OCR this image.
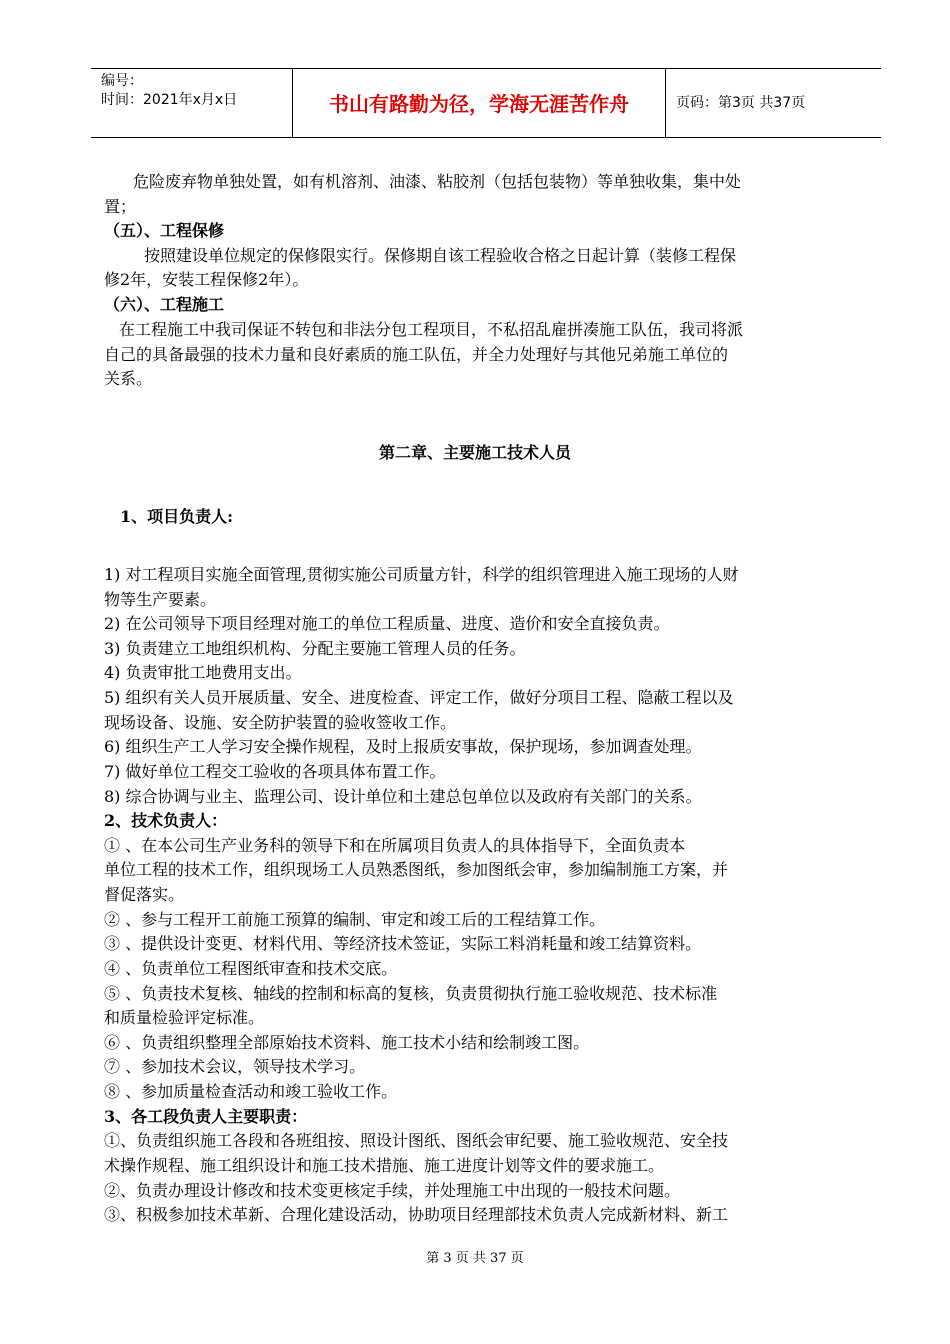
编号：
时间：2021年x月x日	书山有路勤为径，学海无涯苦作舟	页码：第3页 共37页
危险废弃物单独处置，如有机溶剂、油漆、粘胶剂（包括包装物）等单独收集，集中处
置；
（五）、工程保修
按照建设单位规定的保修限实行。保修期自该工程验收合格之日起计算（装修工程保
修2年，安装工程保修2年）。
（六）、工程施工
在工程施工中我司保证不转包和非法分包工程项目，不私招乱雇拼凑施工队伍，我司将派
自己的具备最强的技术力量和良好素质的施工队伍，并全力处理好与其他兄弟施工单位的
关系。
第二章、主要施工技术人员
1、项目负责人:
1) 对工程项目实施全面管理,贯彻实施公司质量方针，科学的组织管理进入施工现场的人财
物等生产要素。
2) 在公司领导下项目经理对施工的单位工程质量、进度、造价和安全直接负责。
3) 负责建立工地组织机构、分配主要施工管理人员的任务。
4) 负责审批工地费用支出。
5) 组织有关人员开展质量、安全、进度检查、评定工作，做好分项目工程、隐蔽工程以及
现场设备、设施、安全防护装置的验收签收工作。
6) 组织生产工人学习安全操作规程，及时上报质安事故，保护现场，参加调查处理。
7) 做好单位工程交工验收的各项具体布置工作。
8) 综合协调与业主、监理公司、设计单位和土建总包单位以及政府有关部门的关系。
2、技术负责人：
① 、在本公司生产业务科的领导下和在所属项目负责人的具体指导下，全面负责本
单位工程的技术工作，组织现场工人员熟悉图纸，参加图纸会审，参加编制施工方案，并
督促落实。
② 、参与工程开工前施工预算的编制、审定和竣工后的工程结算工作。
③ 、提供设计变更、材料代用、等经济技术签证，实际工料消耗量和竣工结算资料。
④ 、负责单位工程图纸审查和技术交底。
⑤ 、负责技术复核、轴线的控制和标高的复核，负责贯彻执行施工验收规范、技术标准
和质量检验评定标准。
⑥ 、负责组织整理全部原始技术资料、施工技术小结和绘制竣工图。
⑦ 、参加技术会议，领导技术学习。
⑧ 、参加质量检查活动和竣工验收工作。
3、各工段负责人主要职责：
①、负责组织施工各段和各班组按、照设计图纸、图纸会审纪要、施工验收规范、安全技
术操作规程、施工组织设计和施工技术措施、施工进度计划等文件的要求施工。
②、负责办理设计修改和技术变更核定手续，并处理施工中出现的一般技术问题。
③、积极参加技术革新、合理化建设活动，协助项目经理部技术负责人完成新材料、新工
第 3 页 共 37 页
